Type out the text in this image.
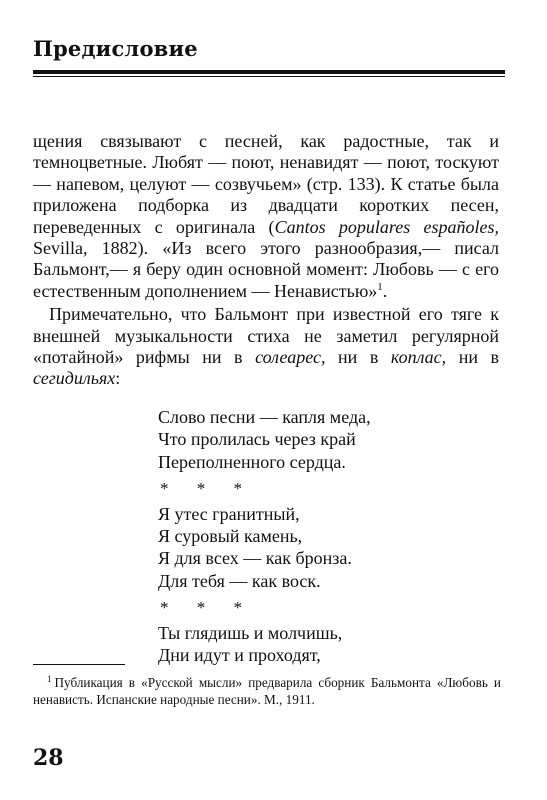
Предисловие

щения связывают с песней, как радостные, так и темноцветные. Любят — поют, ненавидят — поют, тоскуют — напевом, целуют — созвучьем» (стр. 133). К статье была приложена подборка из двадцати коротких песен, переведенных с оригинала (Cantos populares españoles, Sevilla, 1882). «Из всего этого разнообразия,— писал Бальмонт,— я беру один основной момент: Любовь — с его естественным дополнением — Ненавистью»$^1$.

Примечательно, что Бальмонт при известной его тяге к внешней музыкальности стиха не заметил регулярной «потайной» рифмы ни в солеарес, ни в коплас, ни в сегидильях:

Слово песни — капля меда,
Что пролилась через край
Переполненного сердца.
* * *
Я утес гранитный,
Я суровый камень,
Я для всех — как бронза.
Для тебя — как воск.
* * *
Ты глядишь и молчишь,
Дни идут и проходят,
$^1$ Публикация в «Русской мысли» предварила сборник Бальмонта «Любовь и ненависть. Испанские народные песни». М., 1911.
28
